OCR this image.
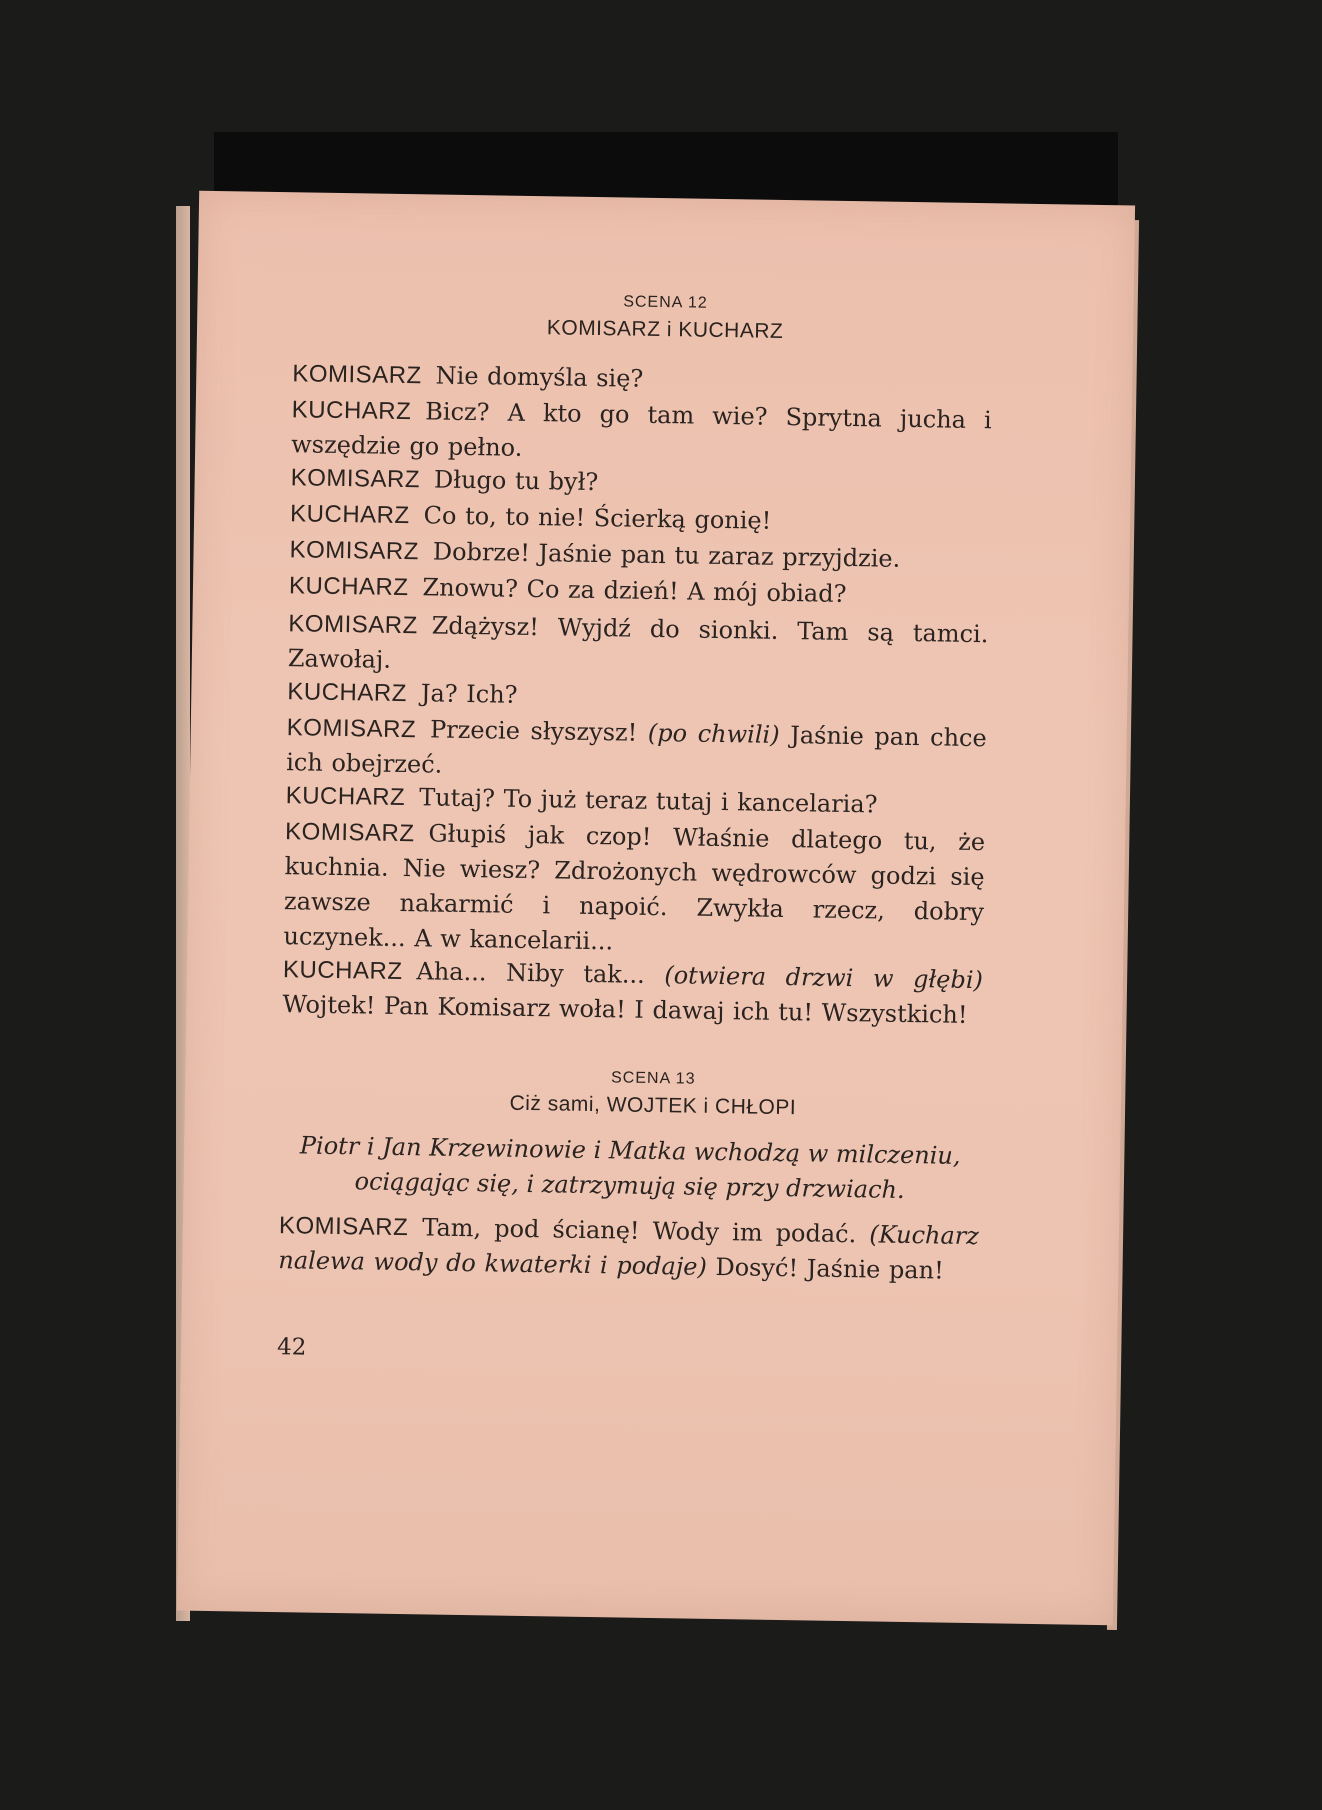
SCENA 12
KOMISARZ i KUCHARZ
KOMISARZ Nie domyśla się?
KUCHARZ Bicz? A kto go tam wie? Sprytna jucha i wszędzie go pełno.
KOMISARZ Długo tu był?
KUCHARZ Co to, to nie! Ścierką gonię!
KOMISARZ Dobrze! Jaśnie pan tu zaraz przyjdzie.
KUCHARZ Znowu? Co za dzień! A mój obiad?
KOMISARZ Zdążysz! Wyjdź do sionki. Tam są tamci. Zawołaj.
KUCHARZ Ja? Ich?
KOMISARZ Przecie słyszysz! (po chwili) Jaśnie pan chce ich obejrzeć.
KUCHARZ Tutaj? To już teraz tutaj i kancelaria?
KOMISARZ Głupiś jak czop! Właśnie dlatego tu, że kuchnia. Nie wiesz? Zdrożonych wędrowców godzi się zawsze nakarmić i napoić. Zwykła rzecz, dobry uczynek... A w kancelarii...
KUCHARZ Aha... Niby tak... (otwiera drzwi w głębi) Wojtek! Pan Komisarz woła! I dawaj ich tu! Wszystkich!
SCENA 13
Ciż sami, WOJTEK i CHŁOPI
Piotr i Jan Krzewinowie i Matka wchodzą w milczeniu, ociągając się, i zatrzymują się przy drzwiach.
KOMISARZ Tam, pod ścianę! Wody im podać. (Kucharz nalewa wody do kwaterki i podaje) Dosyć! Jaśnie pan!
42
